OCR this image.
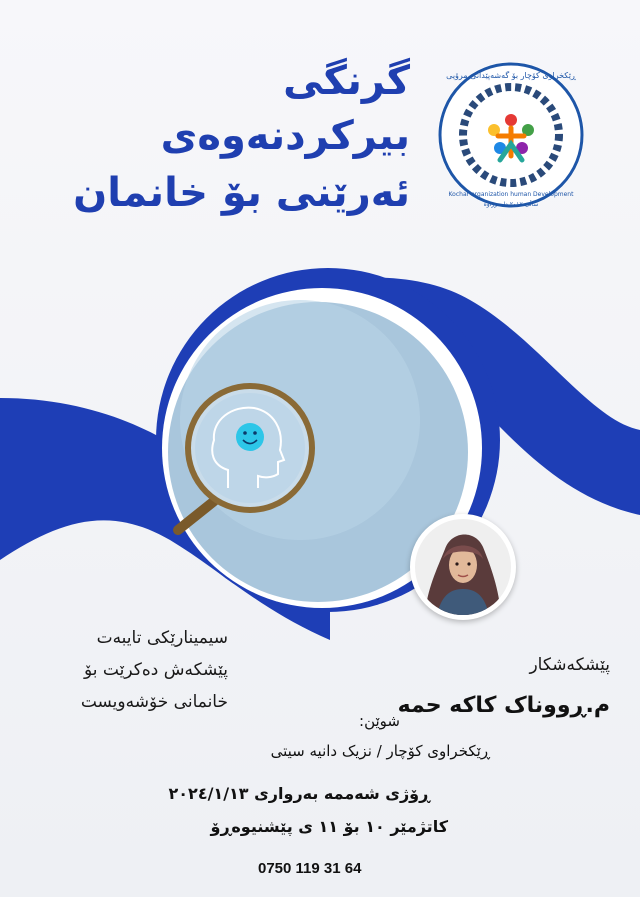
گرنگی
بیرکردنەوەی
ئەرێنی بۆ خانمان
ڕێکخراوی کۆچار بۆ گەشەپێدانی مرۆیی
Kochar organization human Development
ساڵی ٢٠١٧ دامەزراوە
سیمینارێکی تایبەت
پێشکەش دەکرێت بۆ
خانمانی خۆشەویست
پێشکەشکار
م.ڕووناک کاکە حمە
شوێن:
ڕێکخراوی کۆچار / نزیک دانیە سیتی
ڕۆژی شەممە بەرواری ٢٠٢٤/١/١٣
کاتژمێر ١٠ بۆ ١١ ی پێشنیوەڕۆ
0750 119 31 64
